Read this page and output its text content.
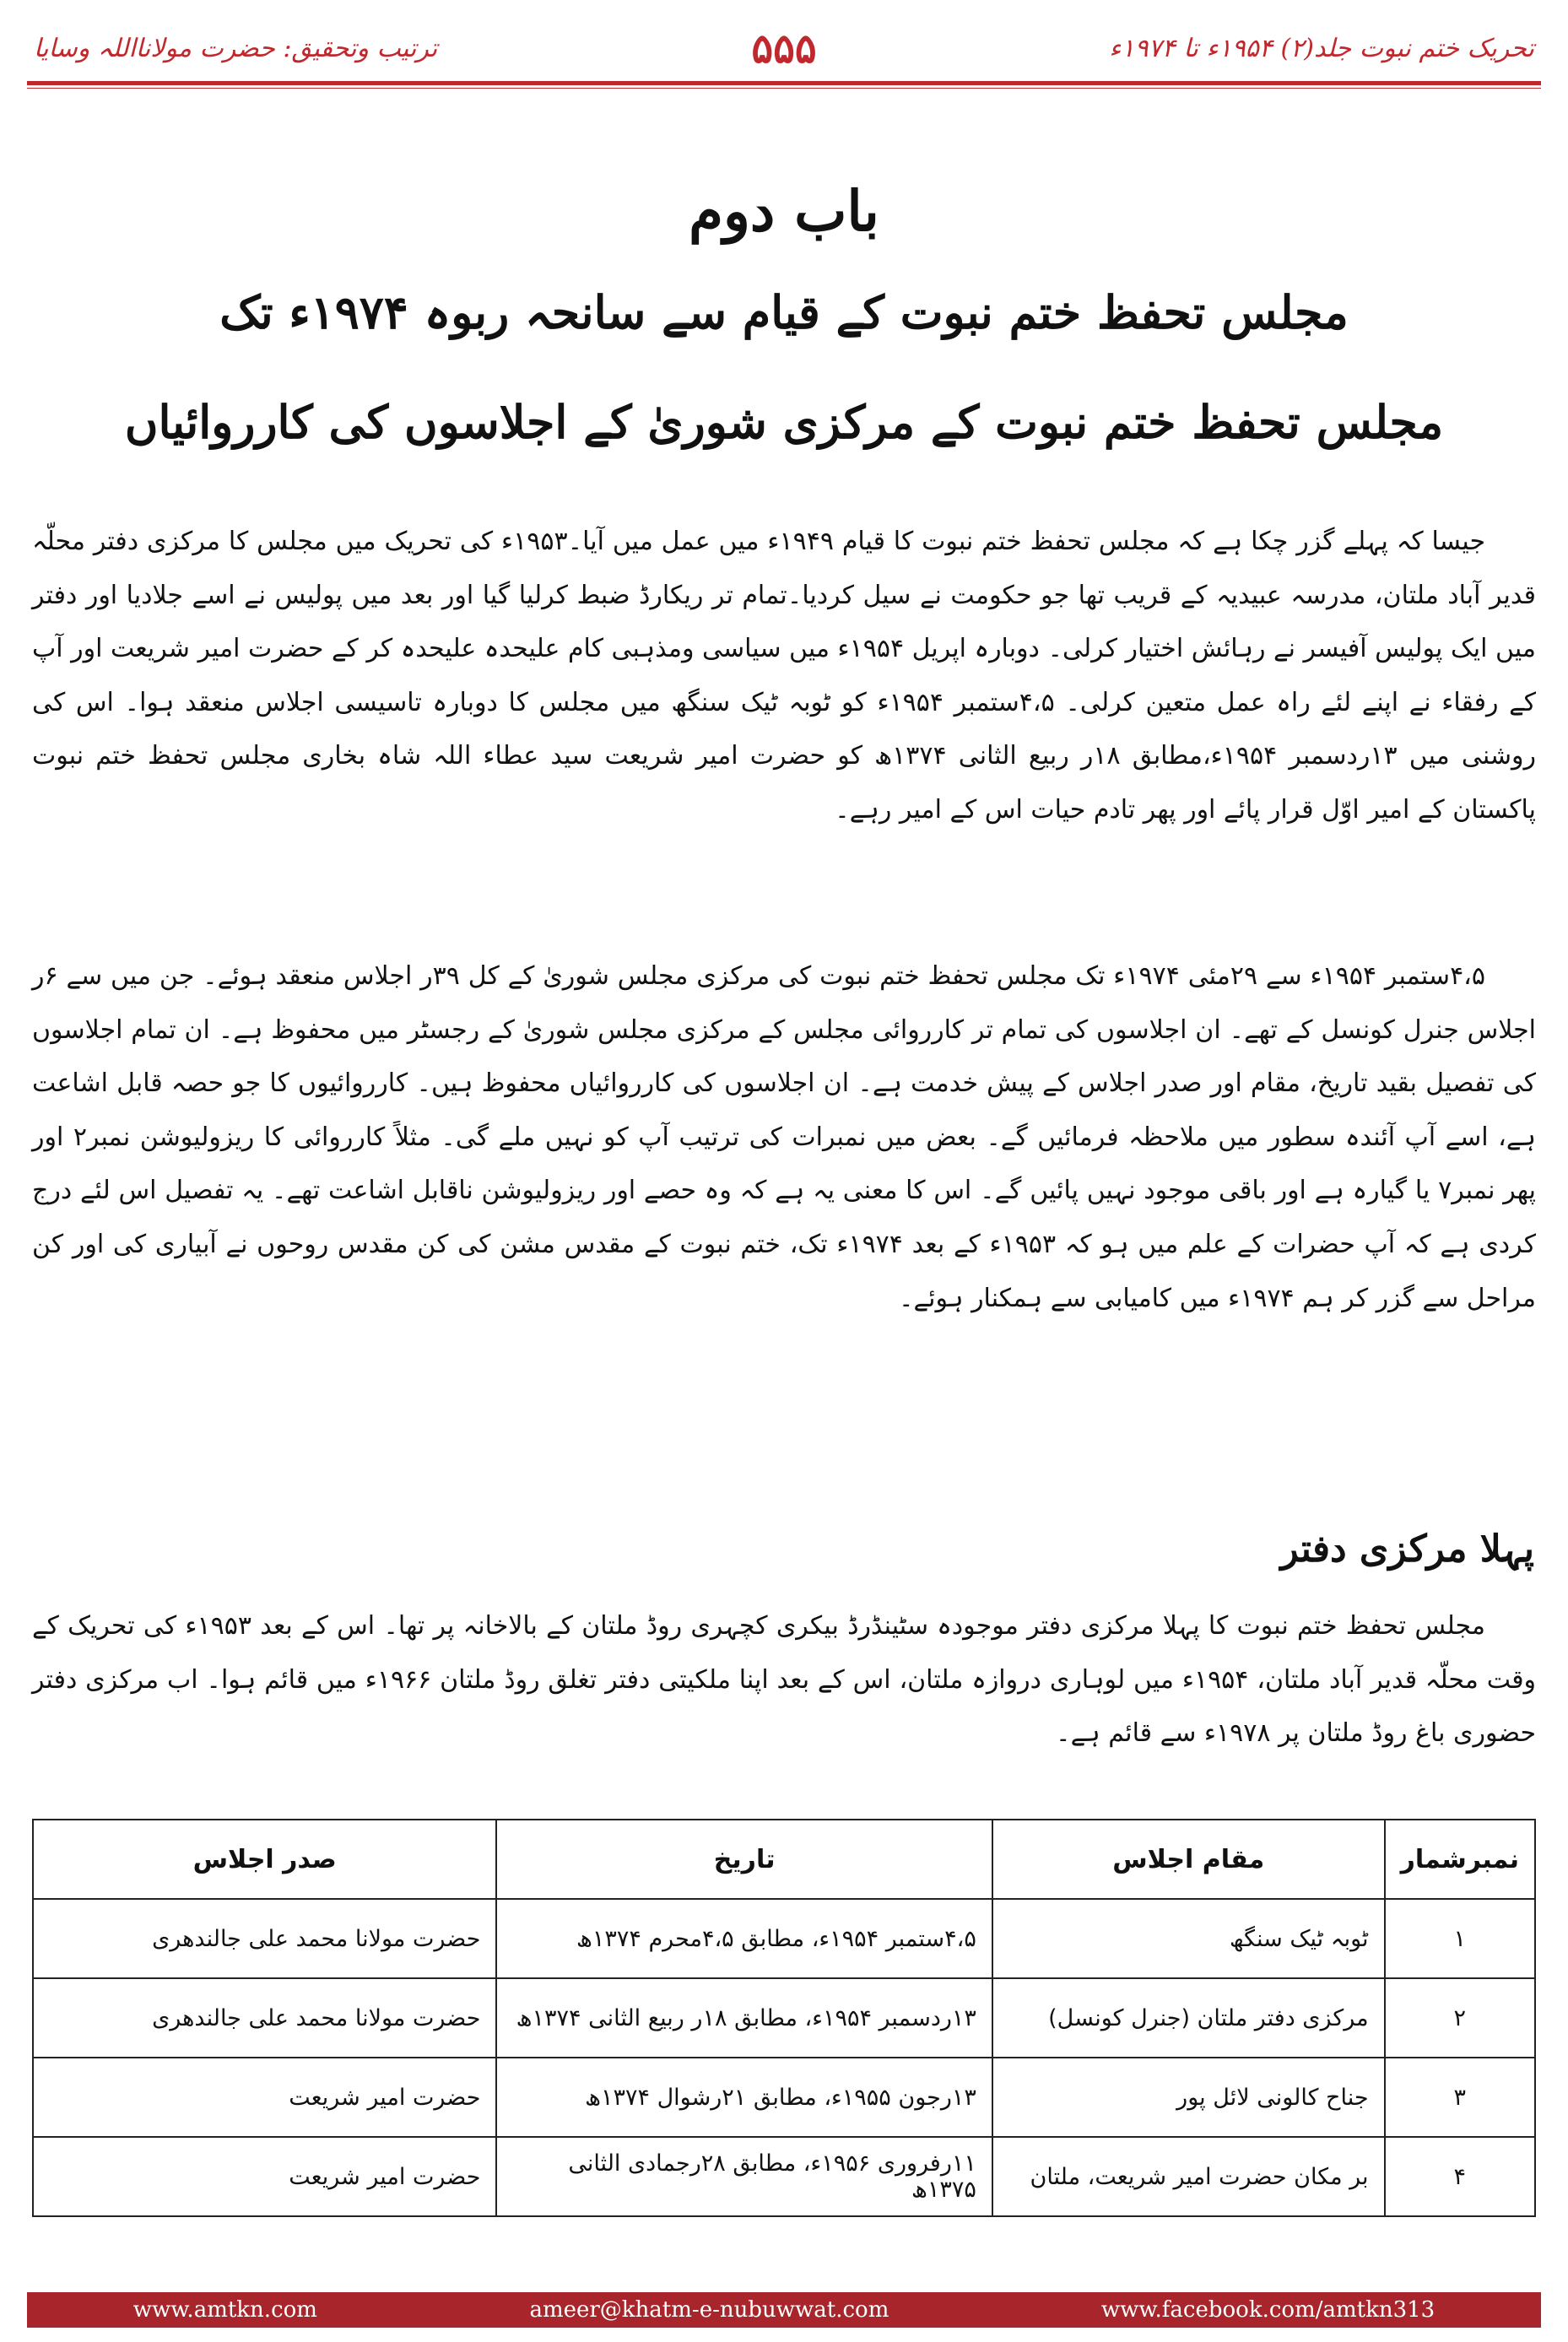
تحریک ختم نبوت جلد(۲) ۱۹۵۴ء تا ۱۹۷۴ء
۵۵۵
ترتیب وتحقیق: حضرت مولانااللہ وسایا
باب دوم
مجلس تحفظ ختم نبوت کے قیام سے سانحہ ربوہ ۱۹۷۴ء تک
مجلس تحفظ ختم نبوت کے مرکزی شوریٰ کے اجلاسوں کی کارروائیاں

جیسا کہ پہلے گزر چکا ہے کہ مجلس تحفظ ختم نبوت کا قیام ۱۹۴۹ء میں عمل میں آیا۔۱۹۵۳ء کی تحریک میں مجلس کا مرکزی دفتر محلّہ قدیر آباد ملتان، مدرسہ عبیدیہ کے قریب تھا جو حکومت نے سیل کردیا۔تمام تر ریکارڈ ضبط کرلیا گیا اور بعد میں پولیس نے اسے جلادیا اور دفتر میں ایک پولیس آفیسر نے رہائش اختیار کرلی۔ دوبارہ اپریل ۱۹۵۴ء میں سیاسی ومذہبی کام علیحدہ علیحدہ کر کے حضرت امیر شریعت اور آپ کے رفقاء نے اپنے لئے راہ عمل متعین کرلی۔ ۴،۵ستمبر ۱۹۵۴ء کو ٹوبہ ٹیک سنگھ میں مجلس کا دوبارہ تاسیسی اجلاس منعقد ہوا۔ اس کی روشنی میں ۱۳ردسمبر ۱۹۵۴ء،مطابق ۱۸ر ربیع الثانی ۱۳۷۴ھ کو حضرت امیر شریعت سید عطاء اللہ شاہ بخاری مجلس تحفظ ختم نبوت پاکستان کے امیر اوّل قرار پائے اور پھر تادم حیات اس کے امیر رہے۔

۴،۵ستمبر ۱۹۵۴ء سے ۲۹مئی ۱۹۷۴ء تک مجلس تحفظ ختم نبوت کی مرکزی مجلس شوریٰ کے کل ۳۹ر اجلاس منعقد ہوئے۔ جن میں سے ۶ر اجلاس جنرل کونسل کے تھے۔ ان اجلاسوں کی تمام تر کارروائی مجلس کے مرکزی مجلس شوریٰ کے رجسٹر میں محفوظ ہے۔ ان تمام اجلاسوں کی تفصیل بقید تاریخ، مقام اور صدر اجلاس کے پیش خدمت ہے۔ ان اجلاسوں کی کارروائیاں محفوظ ہیں۔ کارروائیوں کا جو حصہ قابل اشاعت ہے، اسے آپ آئندہ سطور میں ملاحظہ فرمائیں گے۔ بعض میں نمبرات کی ترتیب آپ کو نہیں ملے گی۔ مثلاً کارروائی کا ریزولیوشن نمبر۲ اور پھر نمبر۷ یا گیارہ ہے اور باقی موجود نہیں پائیں گے۔ اس کا معنی یہ ہے کہ وہ حصے اور ریزولیوشن ناقابل اشاعت تھے۔ یہ تفصیل اس لئے درج کردی ہے کہ آپ حضرات کے علم میں ہو کہ ۱۹۵۳ء کے بعد ۱۹۷۴ء تک، ختم نبوت کے مقدس مشن کی کن مقدس روحوں نے آبیاری کی اور کن مراحل سے گزر کر ہم ۱۹۷۴ء میں کامیابی سے ہمکنار ہوئے۔

پہلا مرکزی دفتر

مجلس تحفظ ختم نبوت کا پہلا مرکزی دفتر موجودہ سٹینڈرڈ بیکری کچہری روڈ ملتان کے بالاخانہ پر تھا۔ اس کے بعد ۱۹۵۳ء کی تحریک کے وقت محلّہ قدیر آباد ملتان، ۱۹۵۴ء میں لوہاری دروازہ ملتان، اس کے بعد اپنا ملکیتی دفتر تغلق روڈ ملتان ۱۹۶۶ء میں قائم ہوا۔ اب مرکزی دفتر حضوری باغ روڈ ملتان پر ۱۹۷۸ء سے قائم ہے۔

نمبرشمار	مقام اجلاس	تاریخ	صدر اجلاس
۱	ٹوبہ ٹیک سنگھ	۴،۵ستمبر ۱۹۵۴ء، مطابق ۴،۵محرم ۱۳۷۴ھ	حضرت مولانا محمد علی جالندھری
۲	مرکزی دفتر ملتان (جنرل کونسل)	۱۳ردسمبر ۱۹۵۴ء، مطابق ۱۸ر ربیع الثانی ۱۳۷۴ھ	حضرت مولانا محمد علی جالندھری
۳	جناح کالونی لائل پور	۱۳رجون ۱۹۵۵ء، مطابق ۲۱رشوال ۱۳۷۴ھ	حضرت امیر شریعت
۴	بر مکان حضرت امیر شریعت، ملتان	۱۱رفروری ۱۹۵۶ء، مطابق ۲۸رجمادی الثانی ۱۳۷۵ھ	حضرت امیر شریعت
www.amtkn.com	ameer@khatm-e-nubuwwat.com	www.facebook.com/amtkn313
